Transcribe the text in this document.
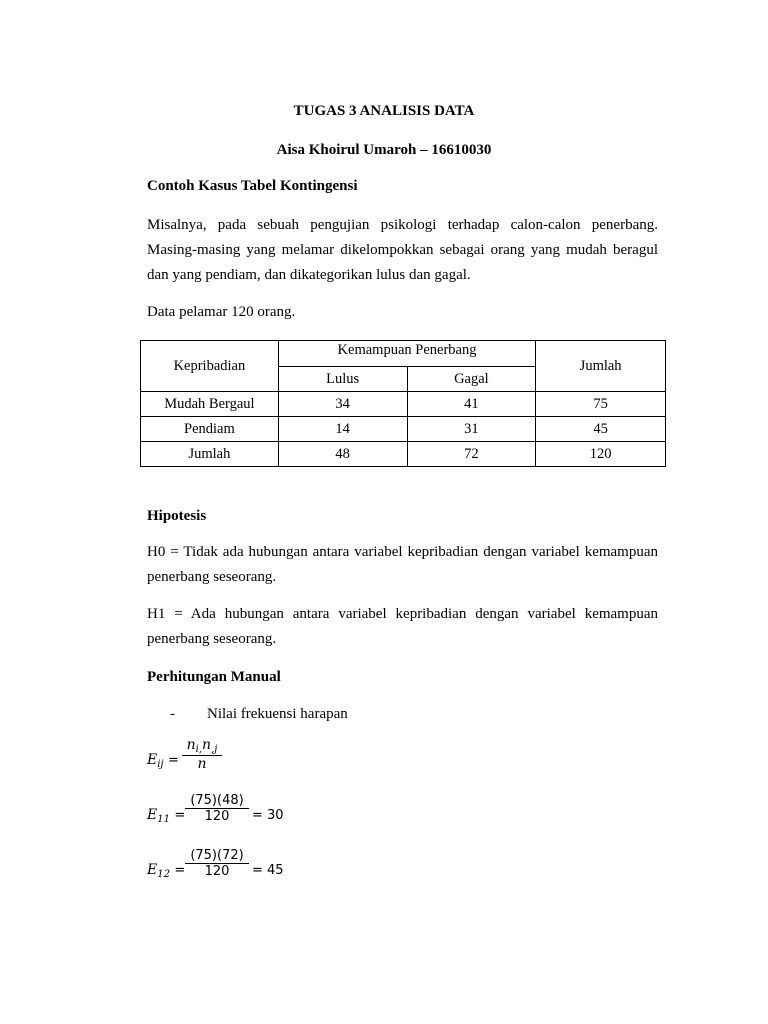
TUGAS 3 ANALISIS DATA
Aisa Khoirul Umaroh – 16610030
Contoh Kasus Tabel Kontingensi
Misalnya, pada sebuah pengujian psikologi terhadap calon-calon penerbang. Masing-masing yang melamar dikelompokkan sebagai orang yang mudah beragul dan yang pendiam, dan dikategorikan lulus dan gagal.
Data pelamar 120 orang.
Kepribadian	Kemampuan Penerbang		Jumlah
	Lulus	Gagal	
Mudah Bergaul	34	41	75
Pendiam	14	31	45
Jumlah	48	72	120
Hipotesis
H0 = Tidak ada hubungan antara variabel kepribadian dengan variabel kemampuan penerbang seseorang.
H1 = Ada hubungan antara variabel kepribadian dengan variabel kemampuan penerbang seseorang.
Perhitungan Manual
- Nilai frekuensi harapan
$E_{ij}$ =
$n_{i,}n_{,j}$
n
$E_{11}$ =
(75)(48)
120	= 30
$E_{12}$ =
(75)(72)
120	= 45
